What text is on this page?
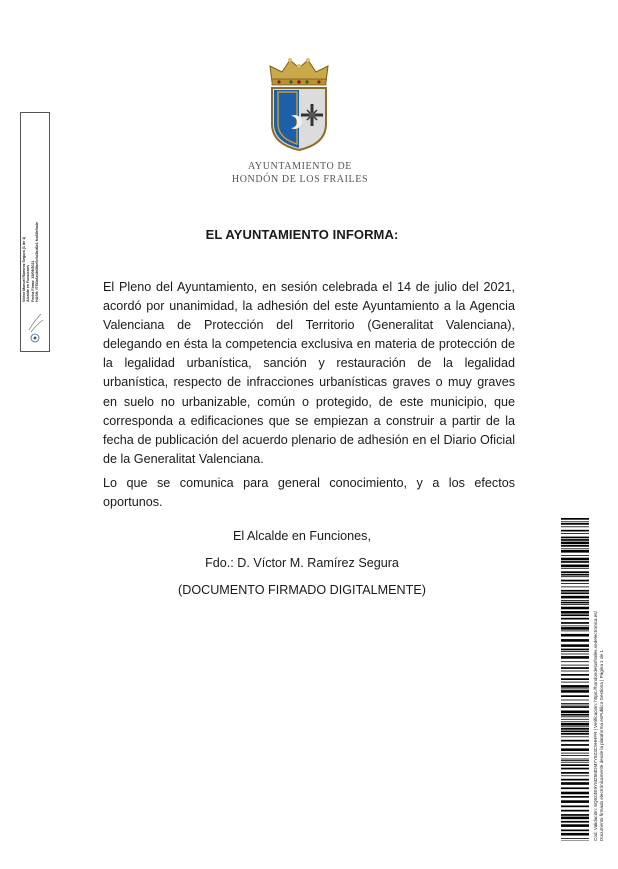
AYUNTAMIENTO DE
HONDÓN DE LOS FRAILES
Víctor Manuel Ramírez Segura (1 de 1) Alcalde en Funciones Fecha Firma: 15/09/2021 HASH: f7f30a6e4b68be0c0a3bd6b1 fca68e0a4e	EL AYUNTAMIENTO INFORMA:

El Pleno del Ayuntamiento, en sesión celebrada el 14 de julio del 2021, acordó por unanimidad, la adhesión del este Ayuntamiento a la Agencia Valenciana de Protección del Territorio (Generalitat Valenciana), delegando en ésta la competencia exclusiva en materia de protección de la legalidad urbanística, sanción y restauración de la legalidad urbanística, respecto de infracciones urbanísticas graves o muy graves en suelo no urbanizable, común o protegido, de este municipio, que corresponda a edificaciones que se empiezan a construir a partir de la fecha de publicación del acuerdo plenario de adhesión en el Diario Oficial de la Generalitat Valenciana.

Lo que se comunica para general conocimiento, y a los efectos oportunos.

El Alcalde en Funciones,
Fdo.: D. Víctor M. Ramírez Segura
(DOCUMENTO FIRMADO DIGITALMENTE)
Cód. Validación: 6Q9Z4E9YMZ5MDM7Y9Z3C9HHFR | Verificación: https://hondondelosfrailes.sedelectronica.es/ Documento firmado electrónicamente desde la plataforma esPublico Gestiona | Página 1 de 1
